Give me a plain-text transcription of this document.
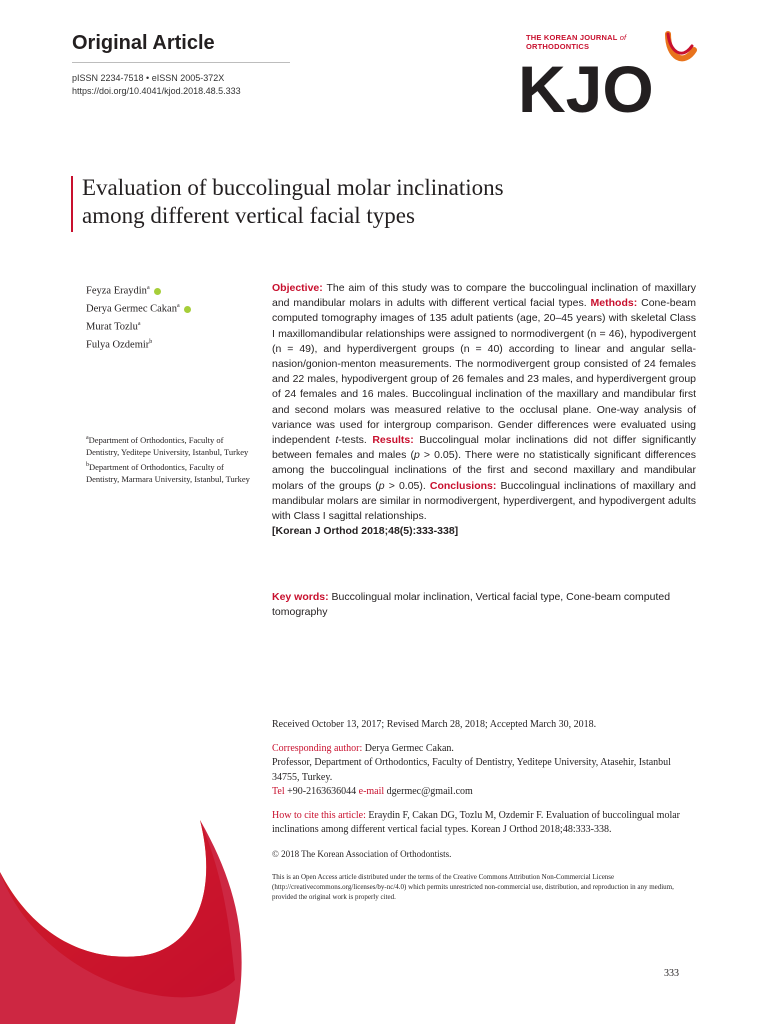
Original Article
pISSN 2234-7518 • eISSN 2005-372X
https://doi.org/10.4041/kjod.2018.48.5.333	KJO
THE KOREAN JOURNAL of
ORTHODONTICS
Evaluation of buccolingual molar inclinations
among different vertical facial types
Feyza Eraydin$^a$
Derya Germec Cakan$^a$
Murat Tozlu$^a$
Fulya Ozdemir$^b$
$^a$Department of Orthodontics, Faculty of Dentistry, Yeditepe University, Istanbul, Turkey
$^b$Department of Orthodontics, Faculty of Dentistry, Marmara University, Istanbul, Turkey
Objective: The aim of this study was to compare the buccolingual inclination of maxillary and mandibular molars in adults with different vertical facial types. Methods: Cone-beam computed tomography images of 135 adult patients (age, 20–45 years) with skeletal Class I maxillomandibular relationships were assigned to normodivergent (n = 46), hypodivergent (n = 49), and hyperdivergent groups (n = 40) according to linear and angular sella-nasion/gonion-menton measurements. The normodivergent group consisted of 24 females and 22 males, hypodivergent group of 26 females and 23 males, and hyperdivergent group of 24 females and 16 males. Buccolingual inclination of the maxillary and mandibular first and second molars was measured relative to the occlusal plane. One-way analysis of variance was used for intergroup comparison. Gender differences were evaluated using independent t-tests. Results: Buccolingual molar inclinations did not differ significantly between females and males (p > 0.05). There were no statistically significant differences among the buccolingual inclinations of the first and second maxillary and mandibular molars of the groups (p > 0.05). Conclusions: Buccolingual inclinations of maxillary and mandibular molars are similar in normodivergent, hyperdivergent, and hypodivergent adults with Class I sagittal relationships.
[Korean J Orthod 2018;48(5):333-338]
Key words: Buccolingual molar inclination, Vertical facial type, Cone-beam computed tomography

Received October 13, 2017; Revised March 28, 2018; Accepted March 30, 2018.

Corresponding author: Derya Germec Cakan.
Professor, Department of Orthodontics, Faculty of Dentistry, Yeditepe University, Atasehir, Istanbul 34755, Turkey.
Tel +90-2163636044 e-mail dgermec@gmail.com

How to cite this article: Eraydin F, Cakan DG, Tozlu M, Ozdemir F. Evaluation of buccolingual molar inclinations among different vertical facial types. Korean J Orthod 2018;48:333-338.

© 2018 The Korean Association of Orthodontists.

This is an Open Access article distributed under the terms of the Creative Commons Attribution Non-Commercial License (http://creativecommons.org/licenses/by-nc/4.0) which permits unrestricted non-commercial use, distribution, and reproduction in any medium, provided the original work is properly cited.

333
